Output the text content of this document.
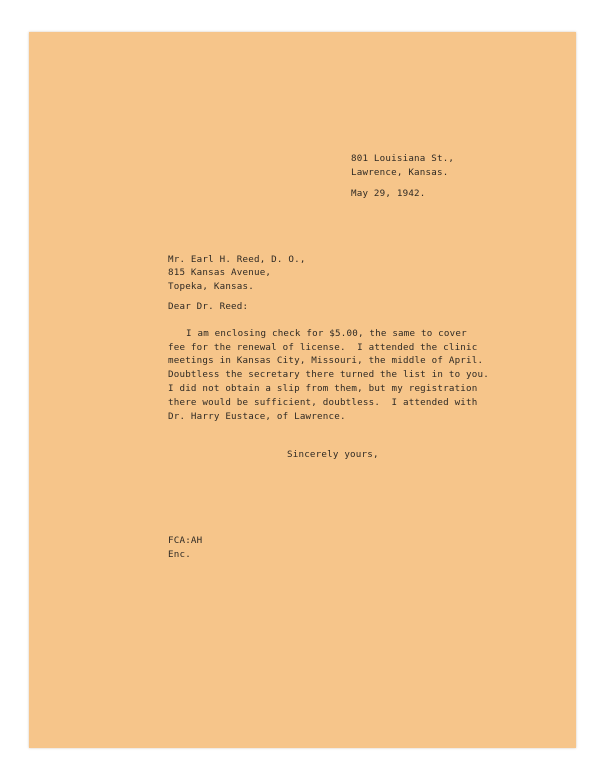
801 Louisiana St.,
Lawrence, Kansas.
May 29, 1942.
Mr. Earl H. Reed, D. O.,
815 Kansas Avenue,
Topeka, Kansas.
Dear Dr. Reed:
I am enclosing check for $5.00, the same to cover
fee for the renewal of license.  I attended the clinic
meetings in Kansas City, Missouri, the middle of April.
Doubtless the secretary there turned the list in to you.
I did not obtain a slip from them, but my registration
there would be sufficient, doubtless.  I attended with
Dr. Harry Eustace, of Lawrence.
Sincerely yours,
FCA:AH
Enc.
